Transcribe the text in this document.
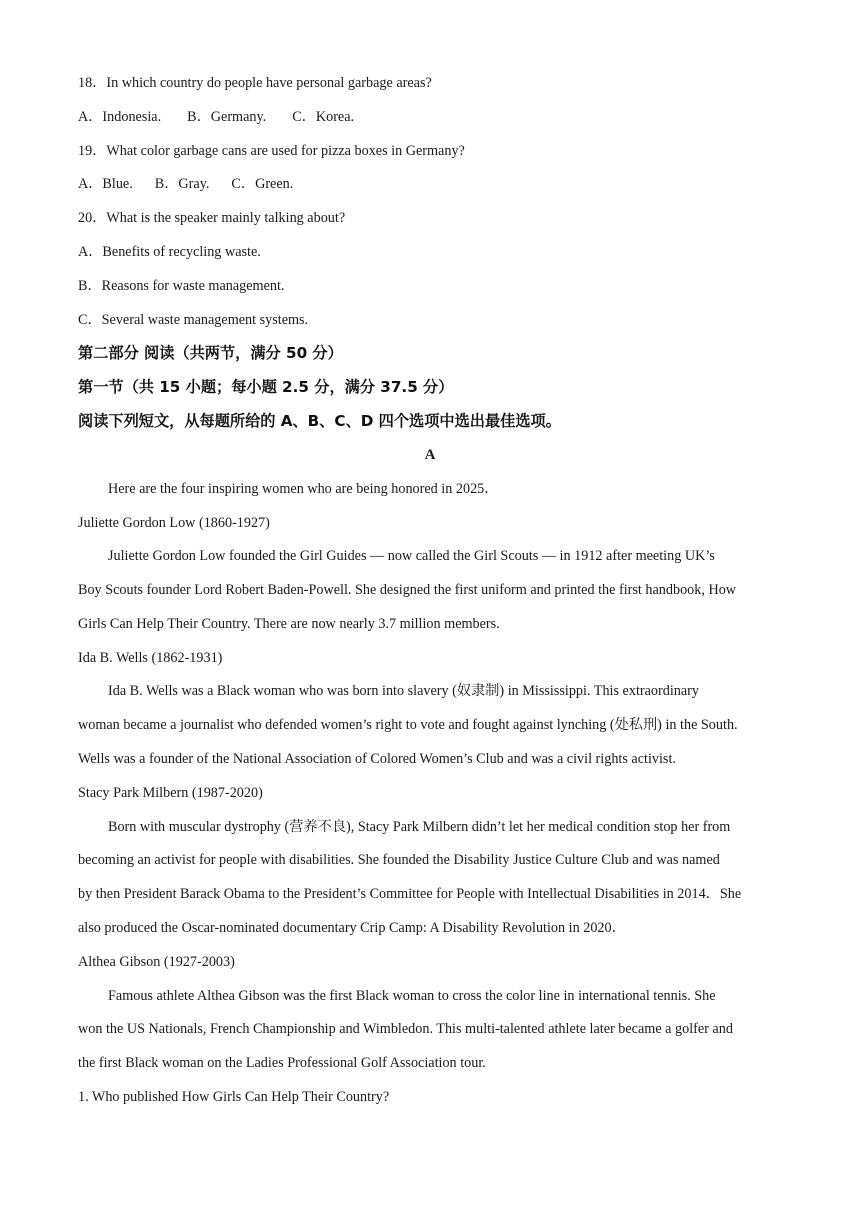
18．In which country do people have personal garbage areas?
A．Indonesia. B．Germany. C．Korea.
19．What color garbage cans are used for pizza boxes in Germany?
A．Blue. B．Gray. C．Green.
20．What is the speaker mainly talking about?
A．Benefits of recycling waste.
B．Reasons for waste management.
C．Several waste management systems.
第二部分 阅读（共两节，满分 50 分）
第一节（共 15 小题；每小题 2.5 分，满分 37.5 分）
阅读下列短文，从每题所给的 A、B、C、D 四个选项中选出最佳选项。
A
Here are the four inspiring women who are being honored in 2025．
Juliette Gordon Low (1860-1927)
Juliette Gordon Low founded the Girl Guides — now called the Girl Scouts — in 1912 after meeting UK’s
Boy Scouts founder Lord Robert Baden-Powell. She designed the first uniform and printed the first handbook, How
Girls Can Help Their Country. There are now nearly 3.7 million members.
Ida B. Wells (1862-1931)
Ida B. Wells was a Black woman who was born into slavery (奴隶制) in Mississippi. This extraordinary
woman became a journalist who defended women’s right to vote and fought against lynching (处私刑) in the South.
Wells was a founder of the National Association of Colored Women’s Club and was a civil rights activist.
Stacy Park Milbern (1987-2020)
Born with muscular dystrophy (营养不良), Stacy Park Milbern didn’t let her medical condition stop her from
becoming an activist for people with disabilities. She founded the Disability Justice Culture Club and was named
by then President Barack Obama to the President’s Committee for People with Intellectual Disabilities in 2014．She
also produced the Oscar-nominated documentary Crip Camp: A Disability Revolution in 2020．
Althea Gibson (1927-2003)
Famous athlete Althea Gibson was the first Black woman to cross the color line in international tennis. She
won the US Nationals, French Championship and Wimbledon. This multi-talented athlete later became a golfer and
the first Black woman on the Ladies Professional Golf Association tour.
1. Who published How Girls Can Help Their Country?
